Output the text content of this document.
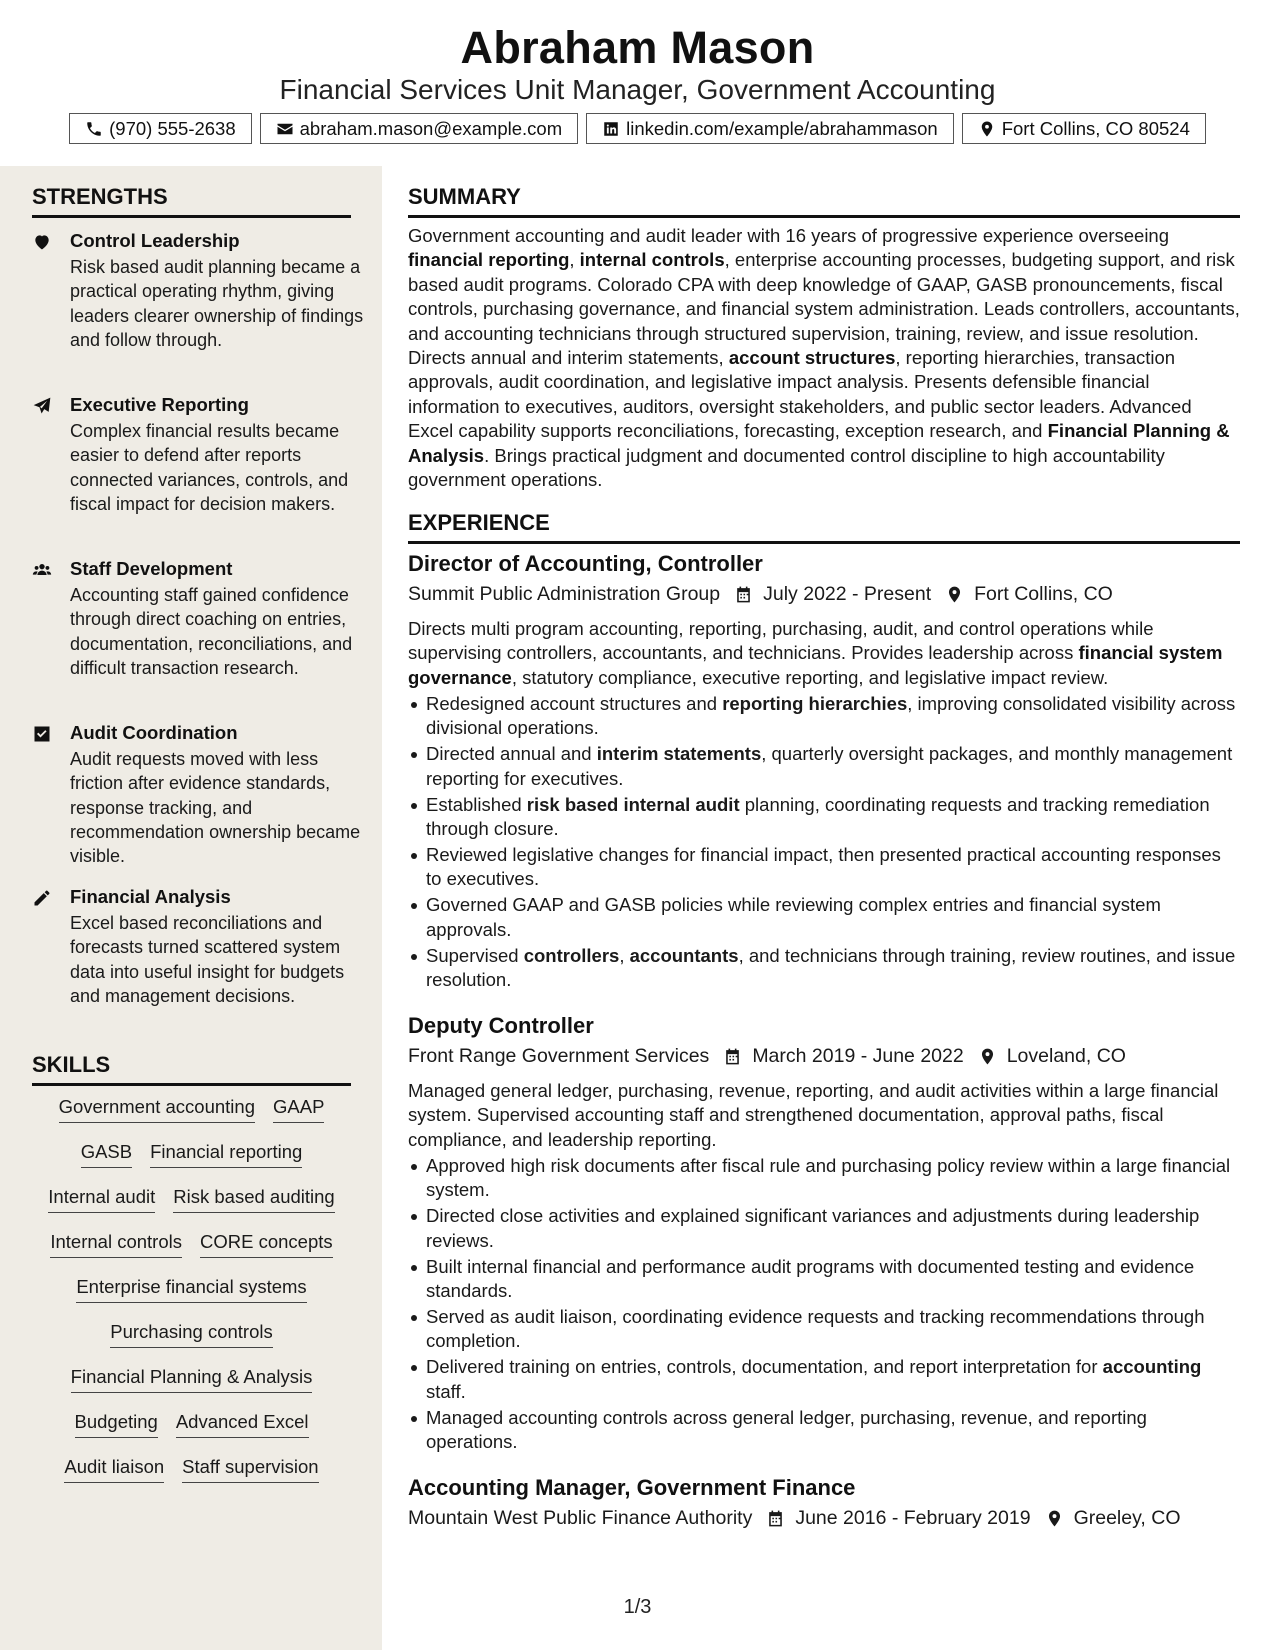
Abraham Mason
Financial Services Unit Manager, Government Accounting
(970) 555-2638	abraham.mason@example.com	linkedin.com/example/abrahammason	Fort Collins, CO 80524
STRENGTHS
Control Leadership
Risk based audit planning became a practical operating rhythm, giving leaders clearer ownership of findings and follow through.
Executive Reporting
Complex financial results became easier to defend after reports connected variances, controls, and fiscal impact for decision makers.
Staff Development
Accounting staff gained confidence through direct coaching on entries, documentation, reconciliations, and difficult transaction research.
Audit Coordination
Audit requests moved with less friction after evidence standards, response tracking, and recommendation ownership became visible.
Financial Analysis
Excel based reconciliations and forecasts turned scattered system data into useful insight for budgets and management decisions.
SKILLS
Government accounting GAAP
GASB Financial reporting
Internal audit Risk based auditing
Internal controls CORE concepts
Enterprise financial systems
Purchasing controls
Financial Planning & Analysis
Budgeting Advanced Excel
Audit liaison Staff supervision
SUMMARY
Government accounting and audit leader with 16 years of progressive experience overseeing financial reporting, internal controls, enterprise accounting processes, budgeting support, and risk based audit programs. Colorado CPA with deep knowledge of GAAP, GASB pronouncements, fiscal controls, purchasing governance, and financial system administration. Leads controllers, accountants, and accounting technicians through structured supervision, training, review, and issue resolution. Directs annual and interim statements, account structures, reporting hierarchies, transaction approvals, audit coordination, and legislative impact analysis. Presents defensible financial information to executives, auditors, oversight stakeholders, and public sector leaders. Advanced Excel capability supports reconciliations, forecasting, exception research, and Financial Planning & Analysis. Brings practical judgment and documented control discipline to high accountability government operations.
EXPERIENCE
Director of Accounting, Controller
Summit Public Administration Group July 2022 - Present Fort Collins, CO
Directs multi program accounting, reporting, purchasing, audit, and control operations while supervising controllers, accountants, and technicians. Provides leadership across financial system governance, statutory compliance, executive reporting, and legislative impact review.
Redesigned account structures and reporting hierarchies, improving consolidated visibility across divisional operations.
Directed annual and interim statements, quarterly oversight packages, and monthly management reporting for executives.
Established risk based internal audit planning, coordinating requests and tracking remediation through closure.
Reviewed legislative changes for financial impact, then presented practical accounting responses to executives.
Governed GAAP and GASB policies while reviewing complex entries and financial system approvals.
Supervised controllers, accountants, and technicians through training, review routines, and issue resolution.
Deputy Controller
Front Range Government Services March 2019 - June 2022 Loveland, CO
Managed general ledger, purchasing, revenue, reporting, and audit activities within a large financial system. Supervised accounting staff and strengthened documentation, approval paths, fiscal compliance, and leadership reporting.
Approved high risk documents after fiscal rule and purchasing policy review within a large financial system.
Directed close activities and explained significant variances and adjustments during leadership reviews.
Built internal financial and performance audit programs with documented testing and evidence standards.
Served as audit liaison, coordinating evidence requests and tracking recommendations through completion.
Delivered training on entries, controls, documentation, and report interpretation for accounting staff.
Managed accounting controls across general ledger, purchasing, revenue, and reporting operations.
Accounting Manager, Government Finance
Mountain West Public Finance Authority June 2016 - February 2019 Greeley, CO
1/3
